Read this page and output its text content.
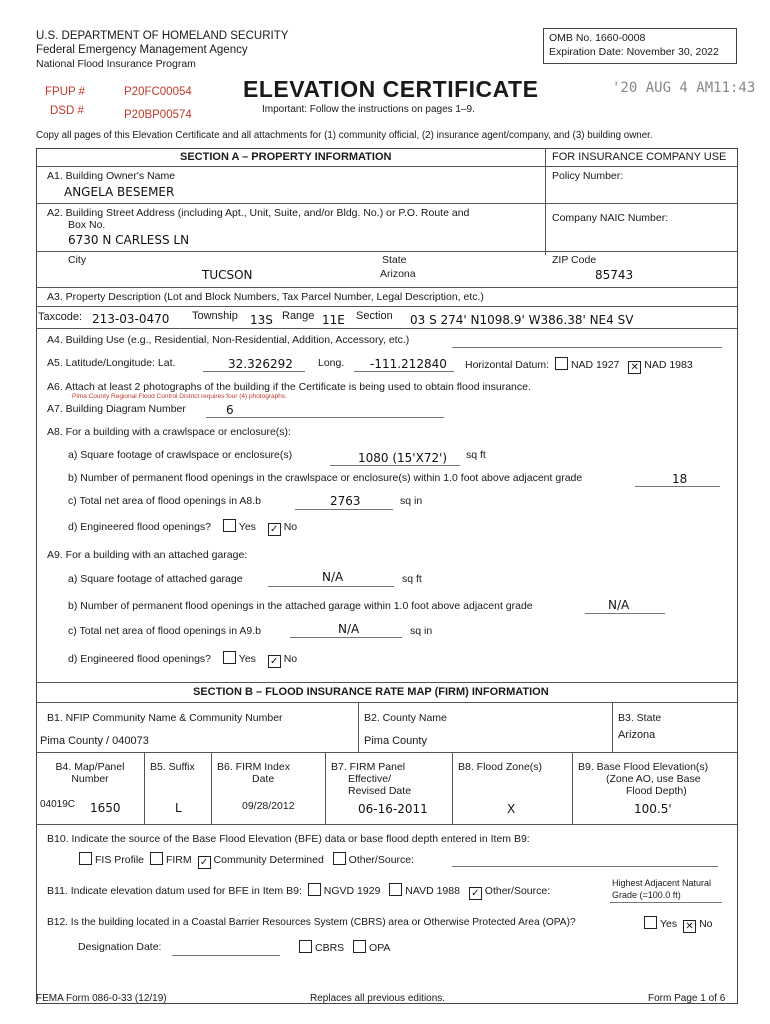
U.S. DEPARTMENT OF HOMELAND SECURITY
Federal Emergency Management Agency
National Flood Insurance Program
OMB No. 1660-0008
Expiration Date: November 30, 2022
FPUP #	P20FC00054
DSD #	P20BP00574
ELEVATION CERTIFICATE
Important: Follow the instructions on pages 1–9.
'20 AUG 4 AM11:43
Copy all pages of this Elevation Certificate and all attachments for (1) community official, (2) insurance agent/company, and (3) building owner.
SECTION A – PROPERTY INFORMATION	FOR INSURANCE COMPANY USE
A1. Building Owner's Name
ANGELA BESEMER
Policy Number:
A2. Building Street Address (including Apt., Unit, Suite, and/or Bldg. No.) or P.O. Route and
Box No.
6730 N CARLESS LN
Company NAIC Number:
City
TUCSON
State
Arizona
ZIP Code
85743
A3. Property Description (Lot and Block Numbers, Tax Parcel Number, Legal Description, etc.)
Taxcode: 213-03-0470 Township 13S Range 11E Section 03 S 274' N1098.9' W386.38' NE4 SV
A4. Building Use (e.g., Residential, Non-Residential, Addition, Accessory, etc.)
A5. Latitude/Longitude: Lat.	32.326292 Long. -111.212840 Horizontal Datum: NAD 1927 ✕ NAD 1983
A6. Attach at least 2 photographs of the building if the Certificate is being used to obtain flood insurance.
Pima County Regional Flood Control District requires four (4) photographs.
A7. Building Diagram Number	6
A8. For a building with a crawlspace or enclosure(s):
a) Square footage of crawlspace or enclosure(s)	1080 (15'X72') sq ft
b) Number of permanent flood openings in the crawlspace or enclosure(s) within 1.0 foot above adjacent grade	18
c) Total net area of flood openings in A8.b	2763	sq in
d) Engineered flood openings?	Yes ✓ No
A9. For a building with an attached garage:
a) Square footage of attached garage	N/A	sq ft
b) Number of permanent flood openings in the attached garage within 1.0 foot above adjacent grade	N/A
c) Total net area of flood openings in A9.b	N/A	sq in
d) Engineered flood openings?	Yes ✓ No
SECTION B – FLOOD INSURANCE RATE MAP (FIRM) INFORMATION
B1. NFIP Community Name & Community Number
Pima County / 040073
B2. County Name
Pima County
B3. State
Arizona
B4. Map/Panel
Number
04019C 1650
B5. Suffix
L
B6. FIRM Index
Date
09/28/2012
B7. FIRM Panel
Effective/
Revised Date
06-16-2011
B8. Flood Zone(s)
X
B9. Base Flood Elevation(s)
(Zone AO, use Base
Flood Depth)
100.5'
B10. Indicate the source of the Base Flood Elevation (BFE) data or base flood depth entered in Item B9:
FIS Profile FIRM ✓ Community Determined Other/Source:
B11. Indicate elevation datum used for BFE in Item B9: NGVD 1929 NAVD 1988 ✓ Other/Source:
Highest Adjacent Natural
Grade (=100.0 ft)
B12. Is the building located in a Coastal Barrier Resources System (CBRS) area or Otherwise Protected Area (OPA)?	Yes ✕ No
Designation Date:	CBRS OPA
FEMA Form 086-0-33 (12/19)	Replaces all previous editions.	Form Page 1 of 6
